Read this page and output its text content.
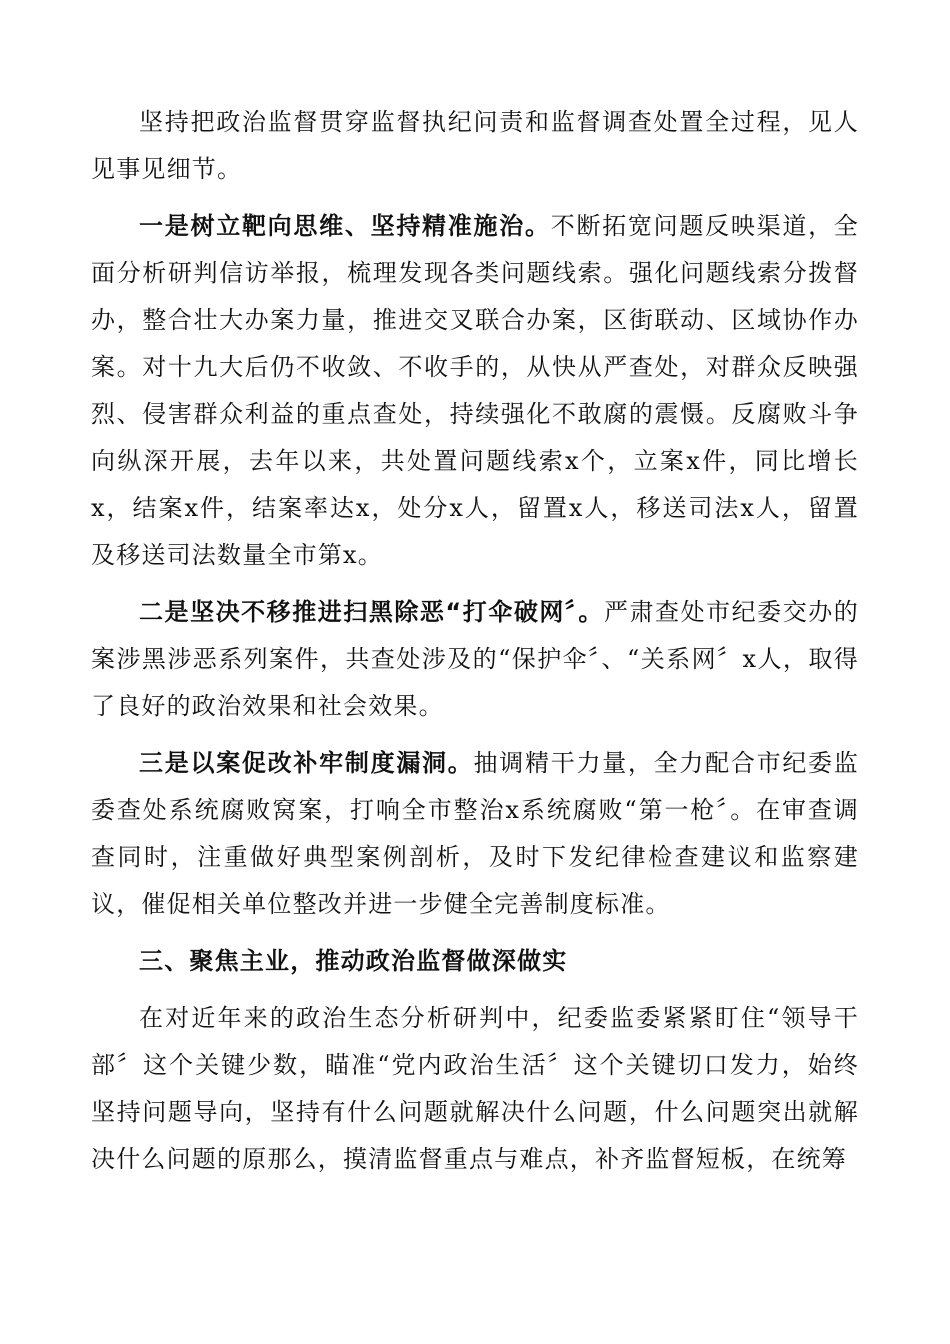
坚持把政治监督贯穿监督执纪问责和监督调查处置全过程，见人见事见细节。

一是树立靶向思维、坚持精准施治。不断拓宽问题反映渠道，全面分析研判信访举报，梳理发现各类问题线索。强化问题线索分拨督办，整合壮大办案力量，推进交叉联合办案，区街联动、区域协作办案。对十九大后仍不收敛、不收手的，从快从严查处，对群众反映强烈、侵害群众利益的重点查处，持续强化不敢腐的震慑。反腐败斗争向纵深开展，去年以来，共处置问题线索x个，立案x件，同比增长x，结案x件，结案率达x，处分x人，留置x人，移送司法x人，留置及移送司法数量全市第x。

二是坚决不移推进扫黑除恶“打伞破网〞。严肃查处市纪委交办的案涉黑涉恶系列案件，共查处涉及的“保护伞〞、“关系网〞x人，取得了良好的政治效果和社会效果。

三是以案促改补牢制度漏洞。抽调精干力量，全力配合市纪委监委查处系统腐败窝案，打响全市整治x系统腐败“第一枪〞。在审查调查同时，注重做好典型案例剖析，及时下发纪律检查建议和监察建议，催促相关单位整改并进一步健全完善制度标准。

三、聚焦主业，推动政治监督做深做实

在对近年来的政治生态分析研判中，纪委监委紧紧盯住“领导干部〞这个关键少数，瞄准“党内政治生活〞这个关键切口发力，始终坚持问题导向，坚持有什么问题就解决什么问题，什么问题突出就解决什么问题的原那么，摸清监督重点与难点，补齐监督短板，在统筹
